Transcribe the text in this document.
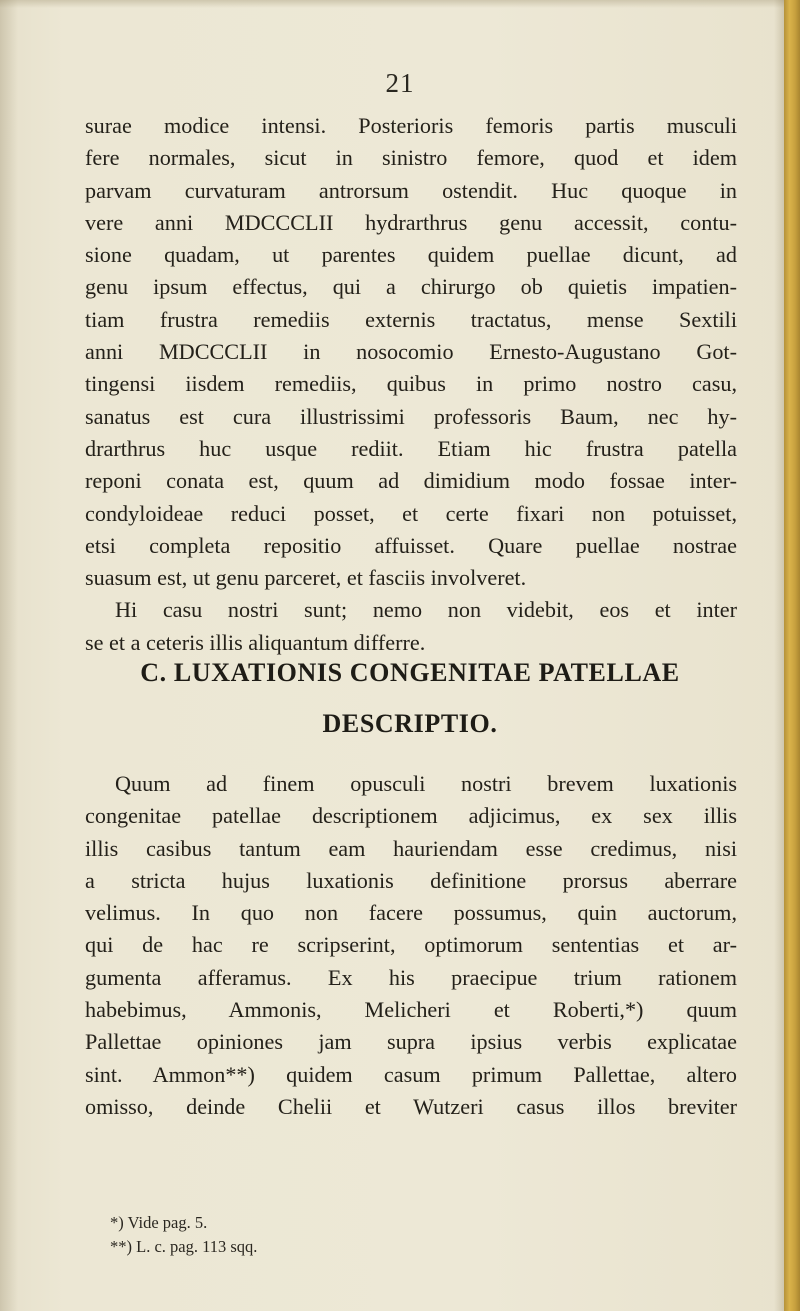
21
surae modice intensi. Posterioris femoris partis musculi
fere normales, sicut in sinistro femore, quod et idem
parvam curvaturam antrorsum ostendit. Huc quoque in
vere anni MDCCCLII hydrarthrus genu accessit, contu-
sione quadam, ut parentes quidem puellae dicunt, ad
genu ipsum effectus, qui a chirurgo ob quietis impatien-
tiam frustra remediis externis tractatus, mense Sextili
anni MDCCCLII in nosocomio Ernesto-Augustano Got-
tingensi iisdem remediis, quibus in primo nostro casu,
sanatus est cura illustrissimi professoris Baum, nec hy-
drarthrus huc usque rediit. Etiam hic frustra patella
reponi conata est, quum ad dimidium modo fossae inter-
condyloideae reduci posset, et certe fixari non potuisset,
etsi completa repositio affuisset. Quare puellae nostrae
suasum est, ut genu parceret, et fasciis involveret.
Hi casu nostri sunt; nemo non videbit, eos et inter
se et a ceteris illis aliquantum differre.
C. LUXATIONIS CONGENITAE PATELLAE
DESCRIPTIO.
Quum ad finem opusculi nostri brevem luxationis
congenitae patellae descriptionem adjicimus, ex sex illis
illis casibus tantum eam hauriendam esse credimus, nisi
a stricta hujus luxationis definitione prorsus aberrare
velimus. In quo non facere possumus, quin auctorum,
qui de hac re scripserint, optimorum sententias et ar-
gumenta afferamus. Ex his praecipue trium rationem
habebimus, Ammonis, Melicheri et Roberti,*) quum
Pallettae opiniones jam supra ipsius verbis explicatae
sint. Ammon**) quidem casum primum Pallettae, altero
omisso, deinde Chelii et Wutzeri casus illos breviter
*) Vide pag. 5.
**) L. c. pag. 113 sqq.
